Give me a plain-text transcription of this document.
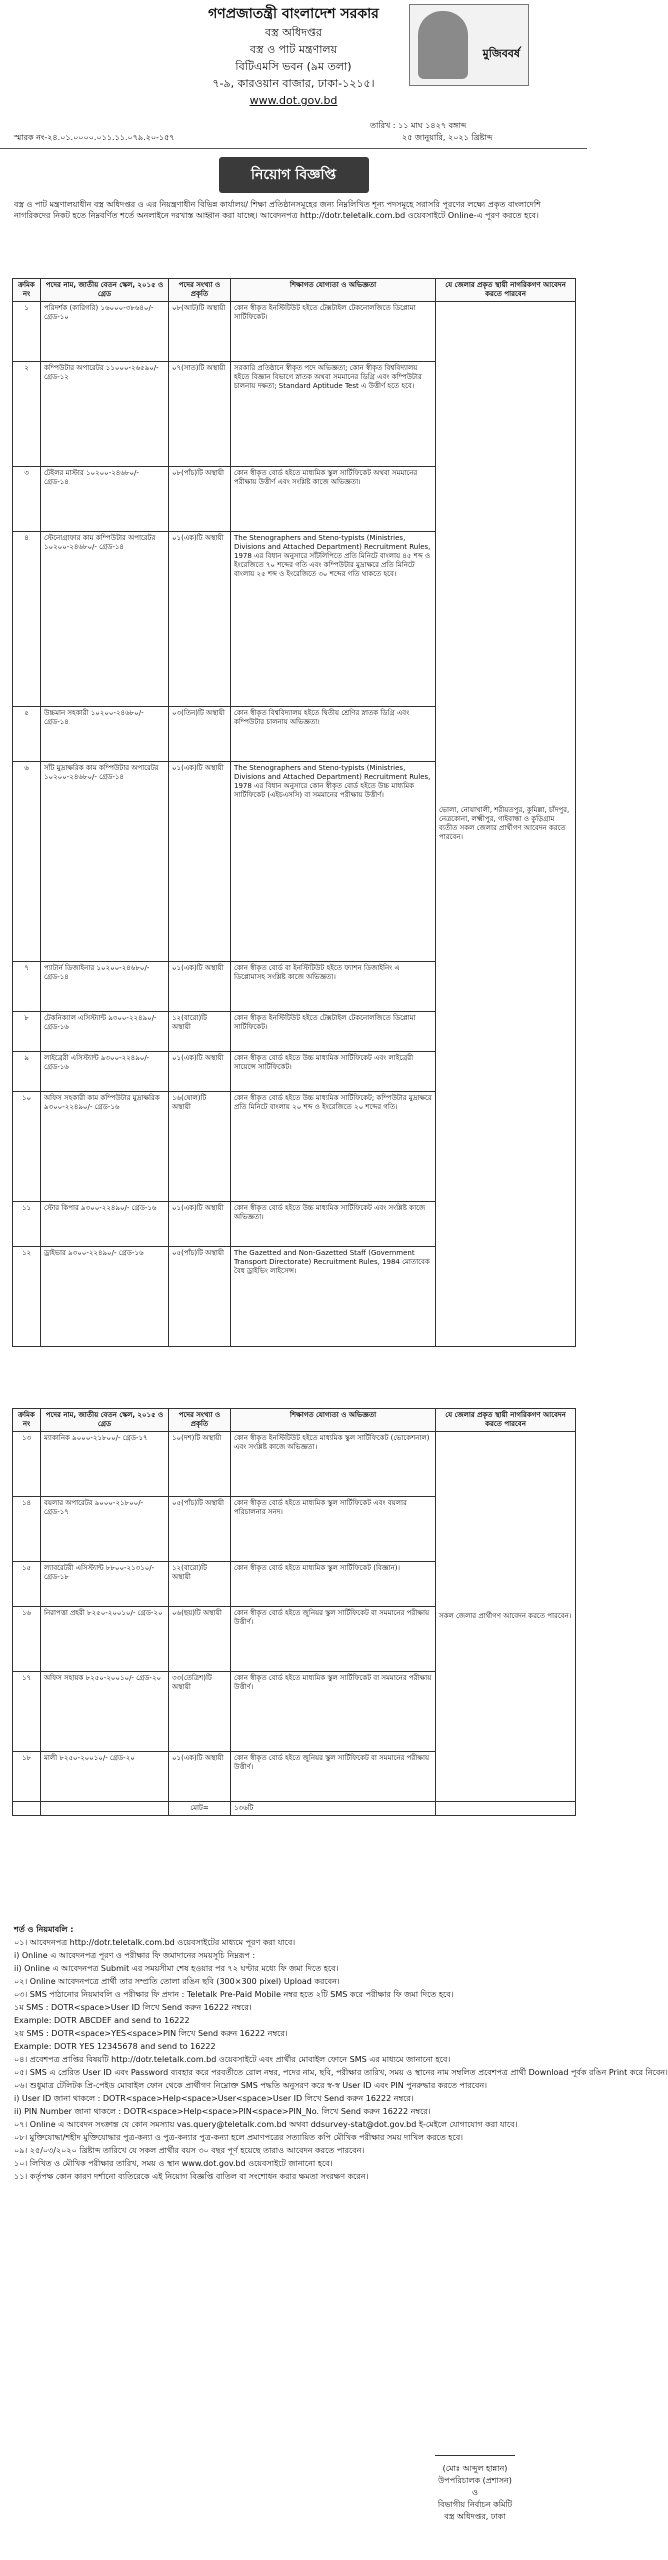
গণপ্রজাতন্ত্রী বাংলাদেশ সরকার
বস্ত্র অধিদপ্তর
বস্ত্র ও পাট মন্ত্রণালয়
বিটিএমসি ভবন (৯ম তলা)
৭-৯, কারওয়ান বাজার, ঢাকা-১২১৫।
www.dot.gov.bd
মুজিববর্ষ
স্মারক নং-২৪.০১.০০০০.০১১.১১.০৭৯.২০-১৫৭
তারিখ : ১১ মাঘ ১৪২৭ বঙ্গাব্দ
২৫ জানুয়ারি, ২০২১ খ্রিষ্টাব্দ
নিয়োগ বিজ্ঞপ্তি
বস্ত্র ও পাট মন্ত্রণালয়াধীন বস্ত্র অধিদপ্তর ও এর নিয়ন্ত্রণাধীন বিভিন্ন কার্যালয়/ শিক্ষা প্রতিষ্ঠানসমূহের জন্য নিম্নলিখিত শূন্য পদসমূহে সরাসরি পূরণের লক্ষ্যে প্রকৃত বাংলাদেশি নাগরিকদের নিকট হতে নিম্নবর্ণিত শর্তে অনলাইনে দরখাস্ত আহ্বান করা যাচ্ছে। আবেদনপত্র http://dotr.teletalk.com.bd ওয়েবসাইটে Online-এ পূরণ করতে হবে।
ক্রমিক নং	পদের নাম, জাতীয় বেতন স্কেল, ২০১৫ ও গ্রেড	পদের সংখ্যা ও প্রকৃতি	শিক্ষাগত যোগ্যতা ও অভিজ্ঞতা	যে জেলার প্রকৃত স্থায়ী নাগরিকগণ আবেদন করতে পারবেন
১	পরিদর্শক (কারিগরি) ১৬০০০-৩৮৬৪০/- গ্রেড-১০	০৮(আট)টি অস্থায়ী	কোন স্বীকৃত ইনস্টিটিউট হইতে টেক্সটাইল টেকনোলজিতে ডিপ্লোমা সার্টিফিকেট।	ভোলা, নোয়াখালী, শরীয়তপুর, কুমিল্লা, চাঁদপুর, নেত্রকোনা, লক্ষ্মীপুর, গাইবান্ধা ও কুড়িগ্রাম ব্যতীত সকল জেলার প্রার্থীগণ আবেদন করতে পারবেন।
২	কম্পিউটার অপারেটর ১১০০০-২৬৫৯০/- গ্রেড-১২	০৭(সাত)টি অস্থায়ী	সরকারি প্রতিষ্ঠানে স্বীকৃত পদে অভিজ্ঞতা; কোন স্বীকৃত বিশ্ববিদ্যালয় হইতে বিজ্ঞান বিভাগে স্নাতক অথবা সমমানের ডিগ্রি এবং কম্পিউটার চালনায় দক্ষতা; Standard Aptitude Test এ উত্তীর্ণ হতে হবে।	
৩	টেইলর মাস্টার ১০২০০-২৪৬৮০/- গ্রেড-১৪	০৮(পাঁচ)টি অস্থায়ী	কোন স্বীকৃত বোর্ড হইতে মাধ্যমিক স্কুল সার্টিফিকেট অথবা সমমানের পরীক্ষায় উত্তীর্ণ এবং সংশ্লিষ্ট কাজে অভিজ্ঞতা।	
৪	স্টেনোগ্রাফার কাম কম্পিউটার অপারেটর ১০২০০-২৪৬৮০/- গ্রেড-১৪	০১(এক)টি অস্থায়ী	The Stenographers and Steno-typists (Ministries, Divisions and Attached Department) Recruitment Rules, 1978 এর বিধান অনুসারে সাঁটলিপিতে প্রতি মিনিটে বাংলায় ৪৫ শব্দ ও ইংরেজিতে ৭০ শব্দের গতি এবং কম্পিউটার মুদ্রাক্ষরে প্রতি মিনিটে বাংলায় ২৫ শব্দ ও ইংরেজিতে ৩০ শব্দের গতি থাকতে হবে।	
৫	উচ্চমান সহকারী ১০২০০-২৪৬৮০/- গ্রেড-১৪	০৩(তিন)টি অস্থায়ী	কোন স্বীকৃত বিশ্ববিদ্যালয় হইতে দ্বিতীয় শ্রেণির স্নাতক ডিগ্রি এবং কম্পিউটার চালনায় অভিজ্ঞতা।	
৬	সাঁট মুদ্রাক্ষরিক কাম কম্পিউটার অপারেটর ১০২০০-২৪৬৮০/- গ্রেড-১৪	০১(এক)টি অস্থায়ী	The Stenographers and Steno-typists (Ministries, Divisions and Attached Department) Recruitment Rules, 1978 এর বিধান অনুসারে কোন স্বীকৃত বোর্ড হইতে উচ্চ মাধ্যমিক সার্টিফিকেট (এইচএসসি) বা সমমানের পরীক্ষায় উত্তীর্ণ।	
৭	প্যাটার্ন ডিজাইনার ১০২০০-২৪৬৮০/- গ্রেড-১৪	০১(এক)টি অস্থায়ী	কোন স্বীকৃত বোর্ড বা ইনস্টিটিউট হইতে ফ্যাশন ডিজাইনিং এ ডিপ্লোমাসহ সংশ্লিষ্ট কাজে অভিজ্ঞতা।	
৮	টেকনিক্যাল এসিস্ট্যান্ট ৯৩০০-২২৪৯০/- গ্রেড-১৬	১২(বারো)টি অস্থায়ী	কোন স্বীকৃত ইনস্টিটিউট হইতে টেক্সটাইল টেকনোলজিতে ডিপ্লোমা সার্টিফিকেট।	
৯	লাইব্রেরী এসিস্ট্যান্ট ৯৩০০-২২৪৯০/- গ্রেড-১৬	০১(এক)টি অস্থায়ী	কোন স্বীকৃত বোর্ড হইতে উচ্চ মাধ্যমিক সার্টিফিকেট এবং লাইব্রেরী সায়েন্সে সার্টিফিকেট।	
১০	অফিস সহকারী কাম কম্পিউটার মুদ্রাক্ষরিক ৯৩০০-২২৪৯০/- গ্রেড-১৬	১৬(ষোল)টি অস্থায়ী	কোন স্বীকৃত বোর্ড হইতে উচ্চ মাধ্যমিক সার্টিফিকেট; কম্পিউটার মুদ্রাক্ষরে প্রতি মিনিটে বাংলায় ২০ শব্দ ও ইংরেজিতে ২০ শব্দের গতি।	
১১	স্টোর কিপার ৯৩০০-২২৪৯০/- গ্রেড-১৬	০১(এক)টি অস্থায়ী	কোন স্বীকৃত বোর্ড হইতে উচ্চ মাধ্যমিক সার্টিফিকেট এবং সংশ্লিষ্ট কাজে অভিজ্ঞতা।	
১২	ড্রাইভার ৯৩০০-২২৪৯০/- গ্রেড-১৬	০৫(পাঁচ)টি অস্থায়ী	The Gazetted and Non-Gazetted Staff (Government Transport Directorate) Recruitment Rules, 1984 মোতাবেক বৈধ ড্রাইভিং লাইসেন্স।	
ক্রমিক নং	পদের নাম, জাতীয় বেতন স্কেল, ২০১৫ ও গ্রেড	পদের সংখ্যা ও প্রকৃতি	শিক্ষাগত যোগ্যতা ও অভিজ্ঞতা	যে জেলার প্রকৃত স্থায়ী নাগরিকগণ আবেদন করতে পারবেন
১৩	ম্যাকানিক ৯০০০-২১৮০০/- গ্রেড-১৭	১০(দশ)টি অস্থায়ী	কোন স্বীকৃত ইনস্টিটিউট হইতে মাধ্যমিক স্কুল সার্টিফিকেট (ভোকেশনাল) এবং সংশ্লিষ্ট কাজে অভিজ্ঞতা।	সকল জেলার প্রার্থীগণ আবেদন করতে পারবেন।
১৪	বয়লার অপারেটর ৯০০০-২১৮০০/- গ্রেড-১৭	০৫(পাঁচ)টি অস্থায়ী	কোন স্বীকৃত বোর্ড হইতে মাধ্যমিক স্কুল সার্টিফিকেট এবং বয়লার পরিচালনার সনদ।	
১৫	ল্যাবরেটরী এসিস্ট্যান্ট ৮৮০০-২১৩১০/- গ্রেড-১৮	১২(বারো)টি অস্থায়ী	কোন স্বীকৃত বোর্ড হইতে মাধ্যমিক স্কুল সার্টিফিকেট (বিজ্ঞান)।	
১৬	নিরাপত্তা প্রহরী ৮২৫০-২০০১০/- গ্রেড-২০	০৬(ছয়)টি অস্থায়ী	কোন স্বীকৃত বোর্ড হইতে জুনিয়র স্কুল সার্টিফিকেট বা সমমানের পরীক্ষায় উত্তীর্ণ।	
১৭	অফিস সহায়ক ৮২৫০-২০০১০/- গ্রেড-২০	৩৩(তেত্রিশ)টি অস্থায়ী	কোন স্বীকৃত বোর্ড হইতে মাধ্যমিক স্কুল সার্টিফিকেট বা সমমানের পরীক্ষায় উত্তীর্ণ।	
১৮	মালী ৮২৫০-২০০১০/- গ্রেড-২০	০১(এক)টি অস্থায়ী	কোন স্বীকৃত বোর্ড হইতে জুনিয়র স্কুল সার্টিফিকেট বা সমমানের পরীক্ষায় উত্তীর্ণ।	
		মোট=	১৩৬টি	
শর্ত ও নিয়মাবলি :
০১। আবেদনপত্র http://dotr.teletalk.com.bd ওয়েবসাইটের মাধ্যমে পূরণ করা যাবে।
i) Online এ আবেদনপত্র পূরণ ও পরীক্ষার ফি জমাদানের সময়সূচি নিম্নরূপ :
ii) Online এ আবেদনপত্র Submit এর সময়সীমা শেষ হওয়ার পর ৭২ ঘণ্টার মধ্যে ফি জমা দিতে হবে।
০২। Online আবেদনপত্রে প্রার্থী তার সম্প্রতি তোলা রঙিন ছবি (300×300 pixel) Upload করবেন।
০৩। SMS পাঠানোর নিয়মাবলি ও পরীক্ষার ফি প্রদান : Teletalk Pre-Paid Mobile নম্বর হতে ২টি SMS করে পরীক্ষার ফি জমা দিতে হবে।
১ম SMS : DOTR<space>User ID লিখে Send করুন 16222 নম্বরে।
Example: DOTR ABCDEF and send to 16222
২য় SMS : DOTR<space>YES<space>PIN লিখে Send করুন 16222 নম্বরে।
Example: DOTR YES 12345678 and send to 16222
০৪। প্রবেশপত্র প্রাপ্তির বিষয়টি http://dotr.teletalk.com.bd ওয়েবসাইটে এবং প্রার্থীর মোবাইল ফোনে SMS এর মাধ্যমে জানানো হবে।
০৫। SMS এ প্রেরিত User ID এবং Password ব্যবহার করে পরবর্তীতে রোল নম্বর, পদের নাম, ছবি, পরীক্ষার তারিখ, সময় ও স্থানের নাম সম্বলিত প্রবেশপত্র প্রার্থী Download পূর্বক রঙিন Print করে নিবেন।
০৬। শুধুমাত্র টেলিটক প্রি-পেইড মোবাইল ফোন থেকে প্রার্থীগণ নিম্নোক্ত SMS পদ্ধতি অনুসরণ করে স্ব-স্ব User ID এবং PIN পুনরুদ্ধার করতে পারবেন।
i) User ID জানা থাকলে : DOTR<space>Help<space>User<space>User ID লিখে Send করুন 16222 নম্বরে।
ii) PIN Number জানা থাকলে : DOTR<space>Help<space>PIN<space>PIN_No. লিখে Send করুন 16222 নম্বরে।
০৭। Online এ আবেদন সংক্রান্ত যে কোন সমস্যায় vas.query@teletalk.com.bd অথবা ddsurvey-stat@dot.gov.bd ই-মেইলে যোগাযোগ করা যাবে।
০৮। মুক্তিযোদ্ধা/শহীদ মুক্তিযোদ্ধার পুত্র-কন্যা ও পুত্র-কন্যার পুত্র-কন্যা হলে প্রমাণপত্রের সত্যায়িত কপি মৌখিক পরীক্ষার সময় দাখিল করতে হবে।
০৯। ২৫/০৩/২০২০ খ্রিষ্টাব্দ তারিখে যে সকল প্রার্থীর বয়স ৩০ বছর পূর্ণ হয়েছে তারাও আবেদন করতে পারবেন।
১০। লিখিত ও মৌখিক পরীক্ষার তারিখ, সময় ও স্থান www.dot.gov.bd ওয়েবসাইটে জানানো হবে।
১১। কর্তৃপক্ষ কোন কারণ দর্শানো ব্যতিরেকে এই নিয়োগ বিজ্ঞপ্তি বাতিল বা সংশোধন করার ক্ষমতা সংরক্ষণ করেন।
(মোঃ আব্দুল হান্নান)
উপপরিচালক (প্রশাসন)
ও
বিভাগীয় নির্বাচন কমিটি
বস্ত্র অধিদপ্তর, ঢাকা
